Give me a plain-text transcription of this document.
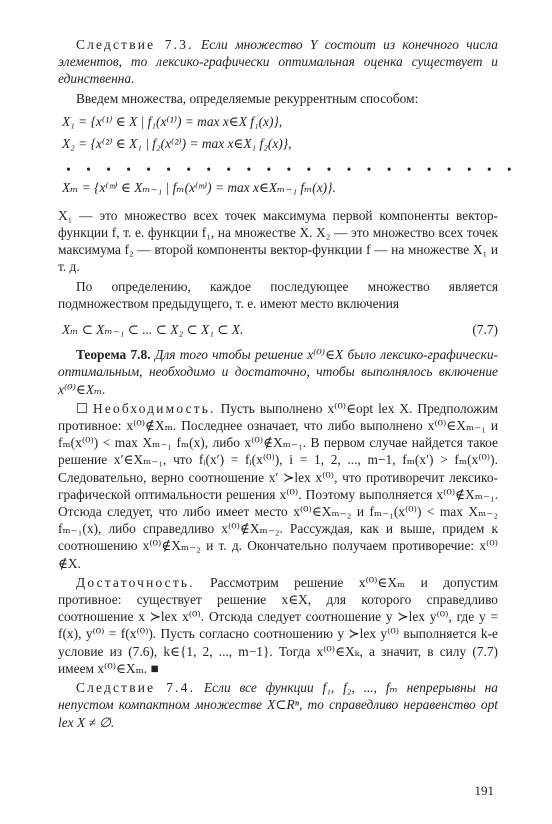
Следствие 7.3. Если множество Y состоит из конечного числа элементов, то лексико-графически оптимальная оценка существует и единственна.

Введем множества, определяемые рекуррентным способом:

X₁ = {x⁽¹⁾ ∈ X | f₁(x⁽¹⁾) = max x∈X f₁(x)},
X₂ = {x⁽²⁾ ∈ X₁ | f₂(x⁽²⁾) = max x∈X₁ f₂(x)},
• • • • • • • • • • • • • • • • • • • • • • •
Xₘ = {x⁽ᵐ⁾ ∈ Xₘ₋₁ | fₘ(x⁽ᵐ⁾) = max x∈Xₘ₋₁ fₘ(x)}.

X₁ — это множество всех точек максимума первой компоненты вектор-функции f, т. е. функции f₁, на множестве X. X₂ — это множество всех точек максимума f₂ — второй компоненты вектор-функции f — на множестве X₁ и т. д.

По определению, каждое последующее множество является подмножеством предыдущего, т. е. имеют место включения

Xₘ ⊂ Xₘ₋₁ ⊂ ... ⊂ X₂ ⊂ X₁ ⊂ X.	(7.7)

Теорема 7.8. Для того чтобы решение x⁽⁰⁾∈X было лексико-графически-оптимальным, необходимо и достаточно, чтобы выполнялось включение x⁽⁰⁾∈Xₘ.

☐ Необходимость. Пусть выполнено x⁽⁰⁾∈opt lex X. Предположим противное: x⁽⁰⁾∉Xₘ. Последнее означает, что либо выполнено x⁽⁰⁾∈Xₘ₋₁ и fₘ(x⁽⁰⁾) < max Xₘ₋₁ fₘ(x), либо x⁽⁰⁾∉Xₘ₋₁. В первом случае найдется такое решение x′∈Xₘ₋₁, что fᵢ(x′) = fᵢ(x⁽⁰⁾), i = 1, 2, ..., m−1, fₘ(x′) > fₘ(x⁽⁰⁾). Следовательно, верно соотношение x′ ≻lex x⁽⁰⁾, что противоречит лексико-графической оптимальности решения x⁽⁰⁾. Поэтому выполняется x⁽⁰⁾∉Xₘ₋₁. Отсюда следует, что либо имеет место x⁽⁰⁾∈Xₘ₋₂ и fₘ₋₁(x⁽⁰⁾) < max Xₘ₋₂ fₘ₋₁(x), либо справедливо x⁽⁰⁾∉Xₘ₋₂. Рассуждая, как и выше, придем к соотношению x⁽⁰⁾∉Xₘ₋₂ и т. д. Окончательно получаем противоречие: x⁽⁰⁾∉X.

Достаточность. Рассмотрим решение x⁽⁰⁾∈Xₘ и допустим противное: существует решение x∈X, для которого справедливо соотношение x ≻lex x⁽⁰⁾. Отсюда следует соотношение y ≻lex y⁽⁰⁾, где y = f(x), y⁽⁰⁾ = f(x⁽⁰⁾). Пусть согласно соотношению y ≻lex y⁽⁰⁾ выполняется k-е условие из (7.6), k∈{1, 2, ..., m−1}. Тогда x⁽⁰⁾∈Xₖ, а значит, в силу (7.7) имеем x⁽⁰⁾∈Xₘ. ■

Следствие 7.4. Если все функции f₁, f₂, ..., fₘ непрерывны на непустом компактном множестве X⊂Rⁿ, то справедливо неравенство opt lex X ≠ ∅.

191
